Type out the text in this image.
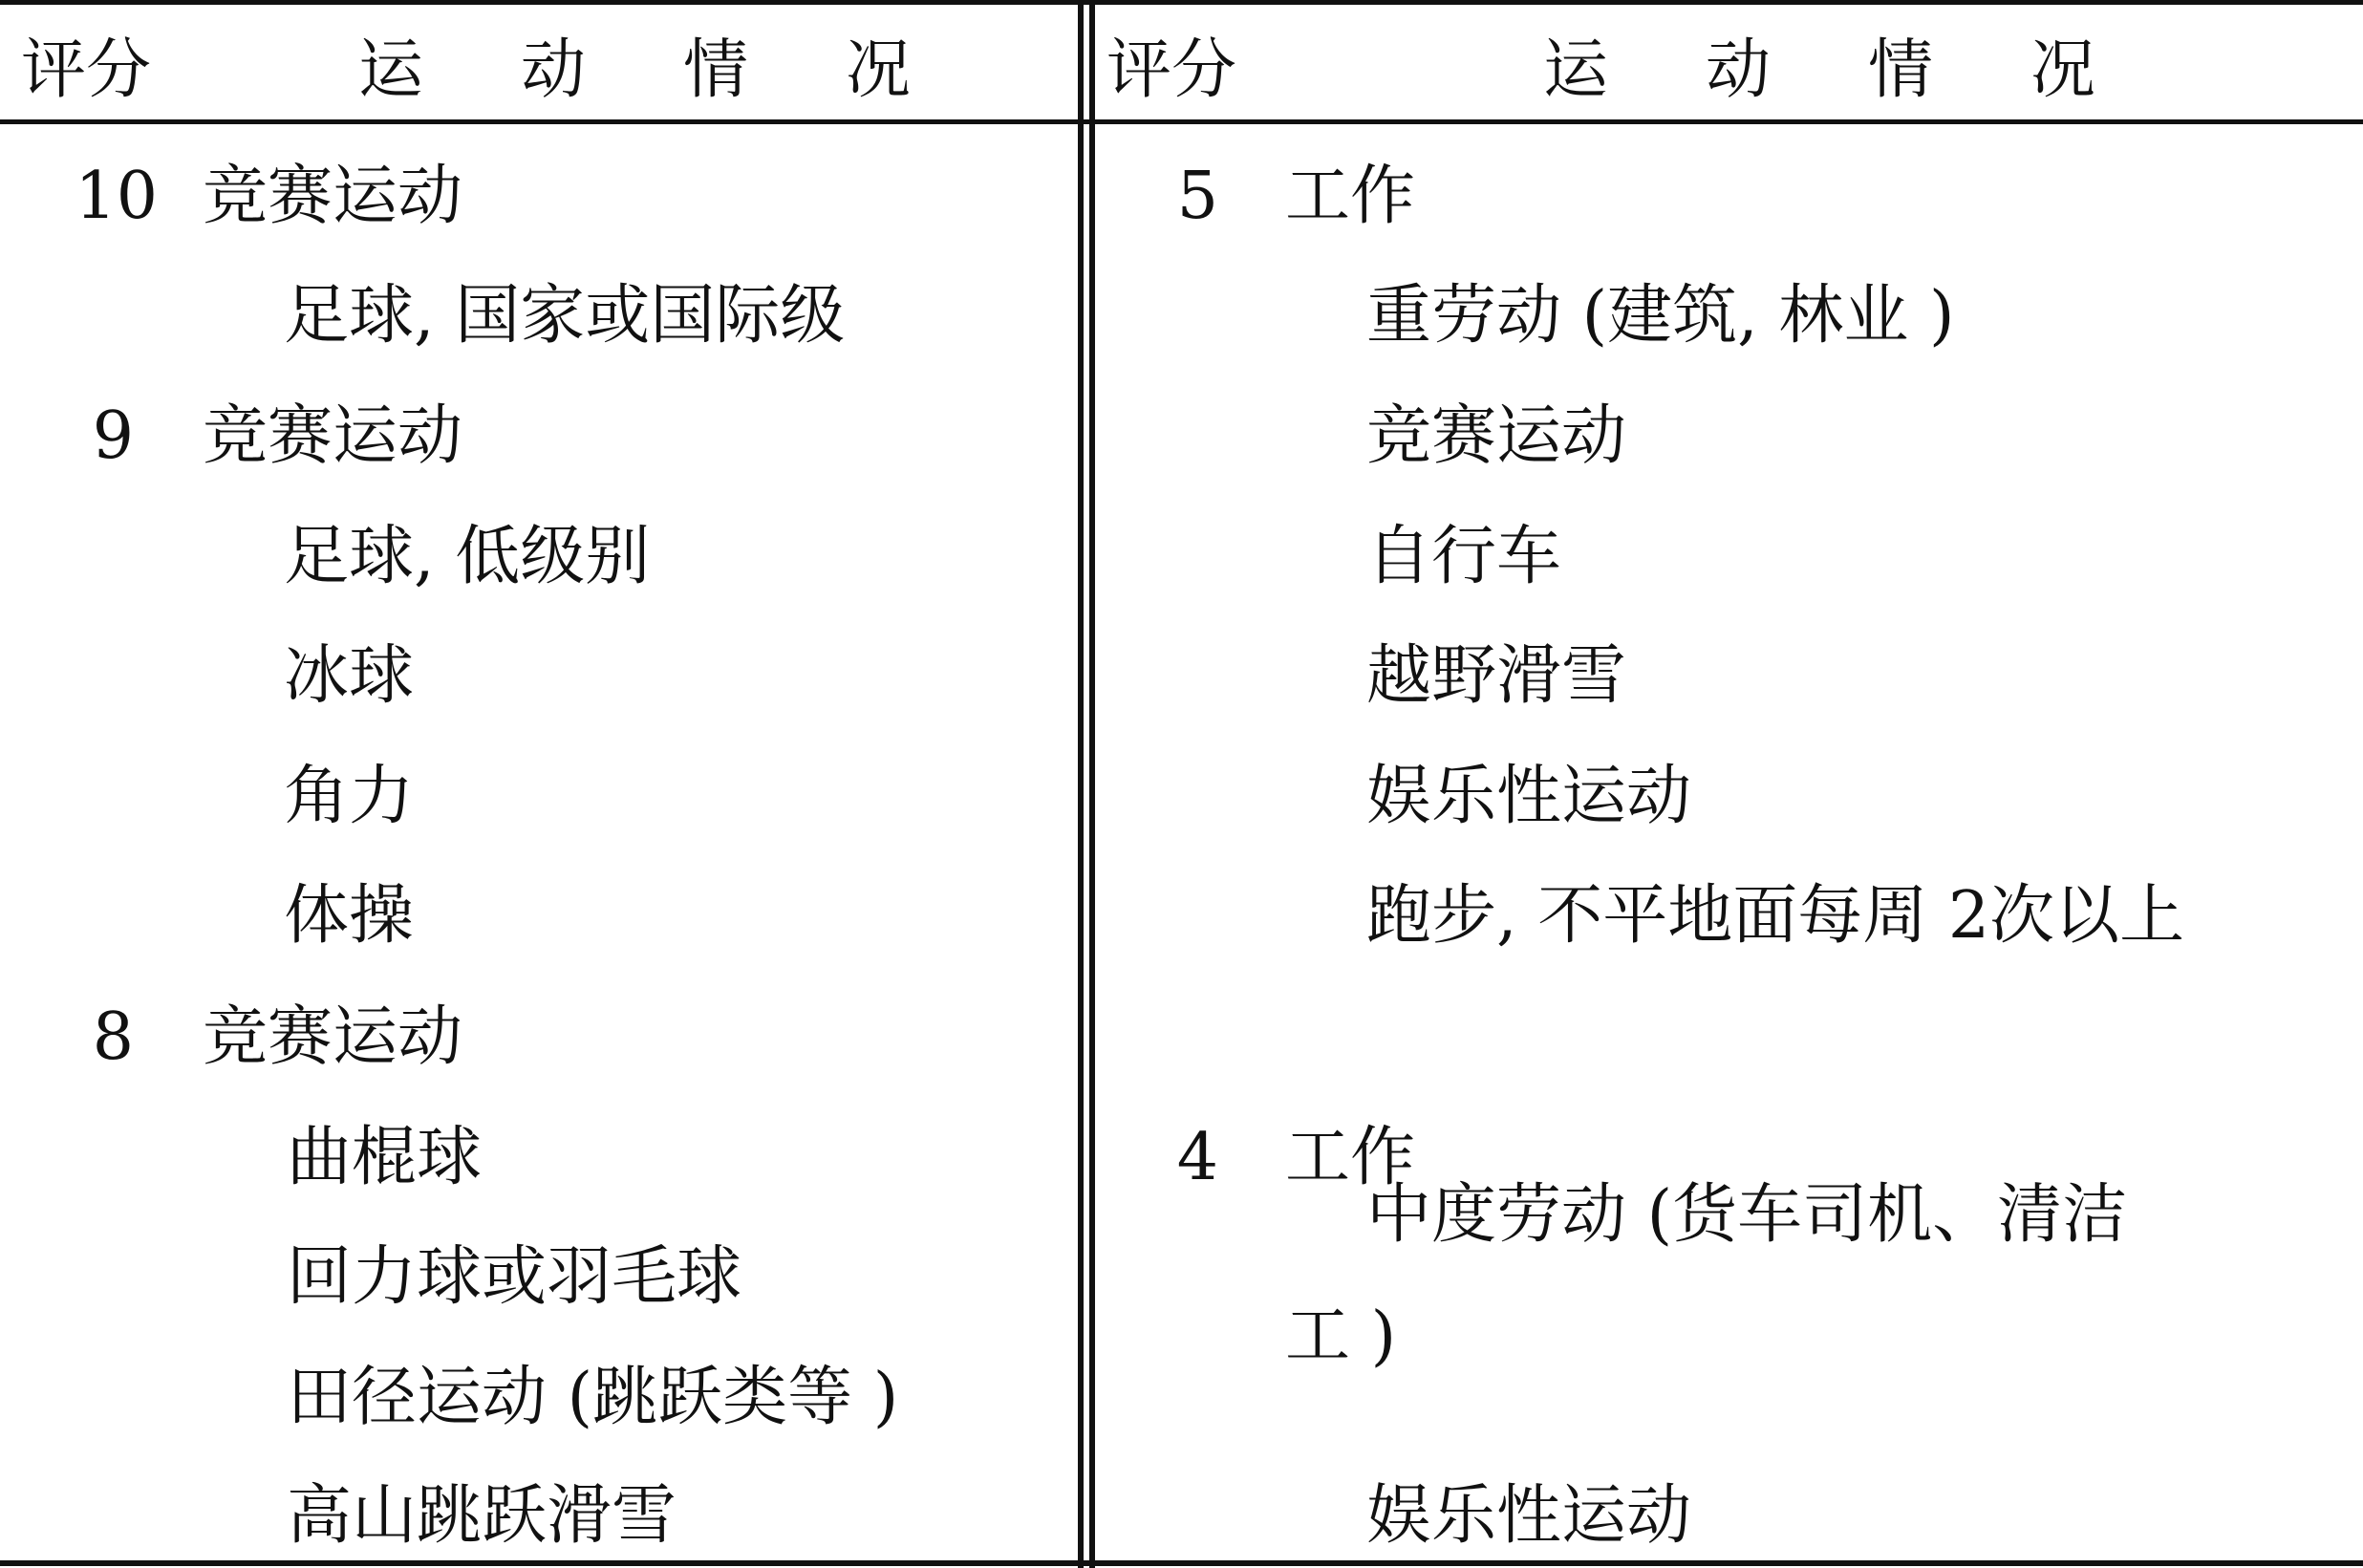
评分	运 动 情 况	评分	运 动 情 况
10 竞赛运动
足球, 国家或国际级
9 竞赛运动
足球, 低级别
冰球
角力
体操
8 竞赛运动
曲棍球
回力球或羽毛球
田径运动 (跳跃类等 )
高山跳跃滑雪
5 工作
重劳动 (建筑, 林业 )
竞赛运动
自行车
越野滑雪
娱乐性运动
跑步, 不平地面每周 2次以上
4 工作
中度劳动 (货车司机、清洁
工 )
娱乐性运动
